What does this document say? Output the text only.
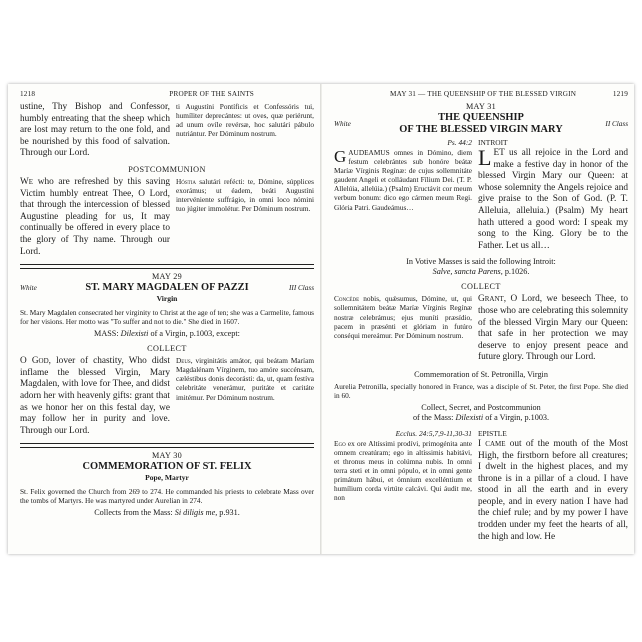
1218	PROPER OF THE SAINTS
ustine, Thy Bishop and Confessor, humbly entreating that the sheep which are lost may return to the one fold, and be nourished by this food of salvation. Through our Lord.
ti Augustíni Pontíficis et Confessóris tui, humíliter deprecántes: ut oves, quæ periérunt, ad unum ovíle revérsæ, hoc salutári pábulo nutriántur. Per Dóminum nostrum.
POSTCOMMUNION
We who are refreshed by this saving Victim humbly entreat Thee, O Lord, that through the intercession of blessed Augustine pleading for us, It may continually be offered in every place to the glory of Thy name. Through our Lord.
Hóstia salutári refécti: te, Dómine, súpplices exorámus; ut éadem, beáti Augustíni intervéniente suffrágio, in omni loco nómini tuo júgiter immolétur. Per Dóminum nostrum.
MAY 29
White	ST. MARY MAGDALEN OF PAZZI	III Class
Virgin
St. Mary Magdalen consecrated her virginity to Christ at the age of ten; she was a Carmelite, famous for her visions. Her motto was "To suffer and not to die." She died in 1607.
MASS: Dilexisti of a Virgin, p.1003, except:
COLLECT
O God, lover of chastity, Who didst inflame the blessed Virgin, Mary Magdalen, with love for Thee, and didst adorn her with heavenly gifts: grant that as we honor her on this festal day, we may follow her in purity and love. Through our Lord.
Deus, virginitátis amátor, qui beátam Maríam Magdalénam Vírginem, tuo amóre succénsam, cæléstibus donis decorásti: da, ut, quam festíva celebritáte venerámur, puritáte et caritáte imitémur. Per Dóminum nostrum.
MAY 30
COMMEMORATION OF ST. FELIX
Pope, Martyr
St. Felix governed the Church from 269 to 274. He commanded his priests to celebrate Mass over the tombs of Martyrs. He was martyred under Aurelian in 274.
Collects from the Mass: Si diligis me, p.931.
MAY 31 — THE QUEENSHIP OF THE BLESSED VIRGIN	1219
MAY 31
White
THE QUEENSHIP
OF THE BLESSED VIRGIN MARY	II Class
Ps. 44:2 INTROIT
GAUDEAMUS omnes in Dómino, diem festum celebrántes sub honóre beátæ Maríæ Vírginis Regínæ: de cujus sollemnitáte gaudent Angeli et colláudant Fílium Dei. (T. P. Allelúia, allelúia.) (Psalm) Eructávit cor meum verbum bonum: dico ego cármen meum Regi. Glória Patri. Gaudeámus…
LET us all rejoice in the Lord and make a festive day in honor of the blessed Virgin Mary our Queen: at whose solemnity the Angels rejoice and give praise to the Son of God. (P. T. Alleluia, alleluia.) (Psalm) My heart hath uttered a good word: I speak my song to the King. Glory be to the Father. Let us all…
In Votive Masses is said the following Introit:
Salve, sancta Parens, p.1026.
COLLECT
Concéde nobis, quǽsumus, Dómine, ut, qui sollemnitátem beátæ Maríæ Vírginis Regínæ nostræ celebrámus; ejus muníti præsídio, pacem in præsénti et glóriam in futúro conséqui mereámur. Per Dóminum nostrum.
Grant, O Lord, we beseech Thee, to those who are celebrating this solemnity of the blessed Virgin Mary our Queen: that safe in her protection we may deserve to enjoy present peace and future glory. Through our Lord.
Commemoration of St. Petronilla, Virgin
Aurelia Petronilla, specially honored in France, was a disciple of St. Peter, the first Pope. She died in 60.
Collect, Secret, and Postcommunion
of the Mass: Dilexisti of a Virgin, p.1003.
Ecclus. 24:5,7,9-11,30-31 EPISTLE
Ego ex ore Altíssimi prodívi, primogénita ante omnem creatúram; ego in altíssimis habitávi, et thronus meus in colúmna nubis. In omni terra steti et in omni pópulo, et in omni gente primátum hábui, et ómnium excelléntium et humílium corda virtúte calcávi. Qui áudit me, non
I came out of the mouth of the Most High, the firstborn before all creatures; I dwelt in the highest places, and my throne is in a pillar of a cloud. I have stood in all the earth and in every people, and in every nation I have had the chief rule; and by my power I have trodden under my feet the hearts of all, the high and low. He
